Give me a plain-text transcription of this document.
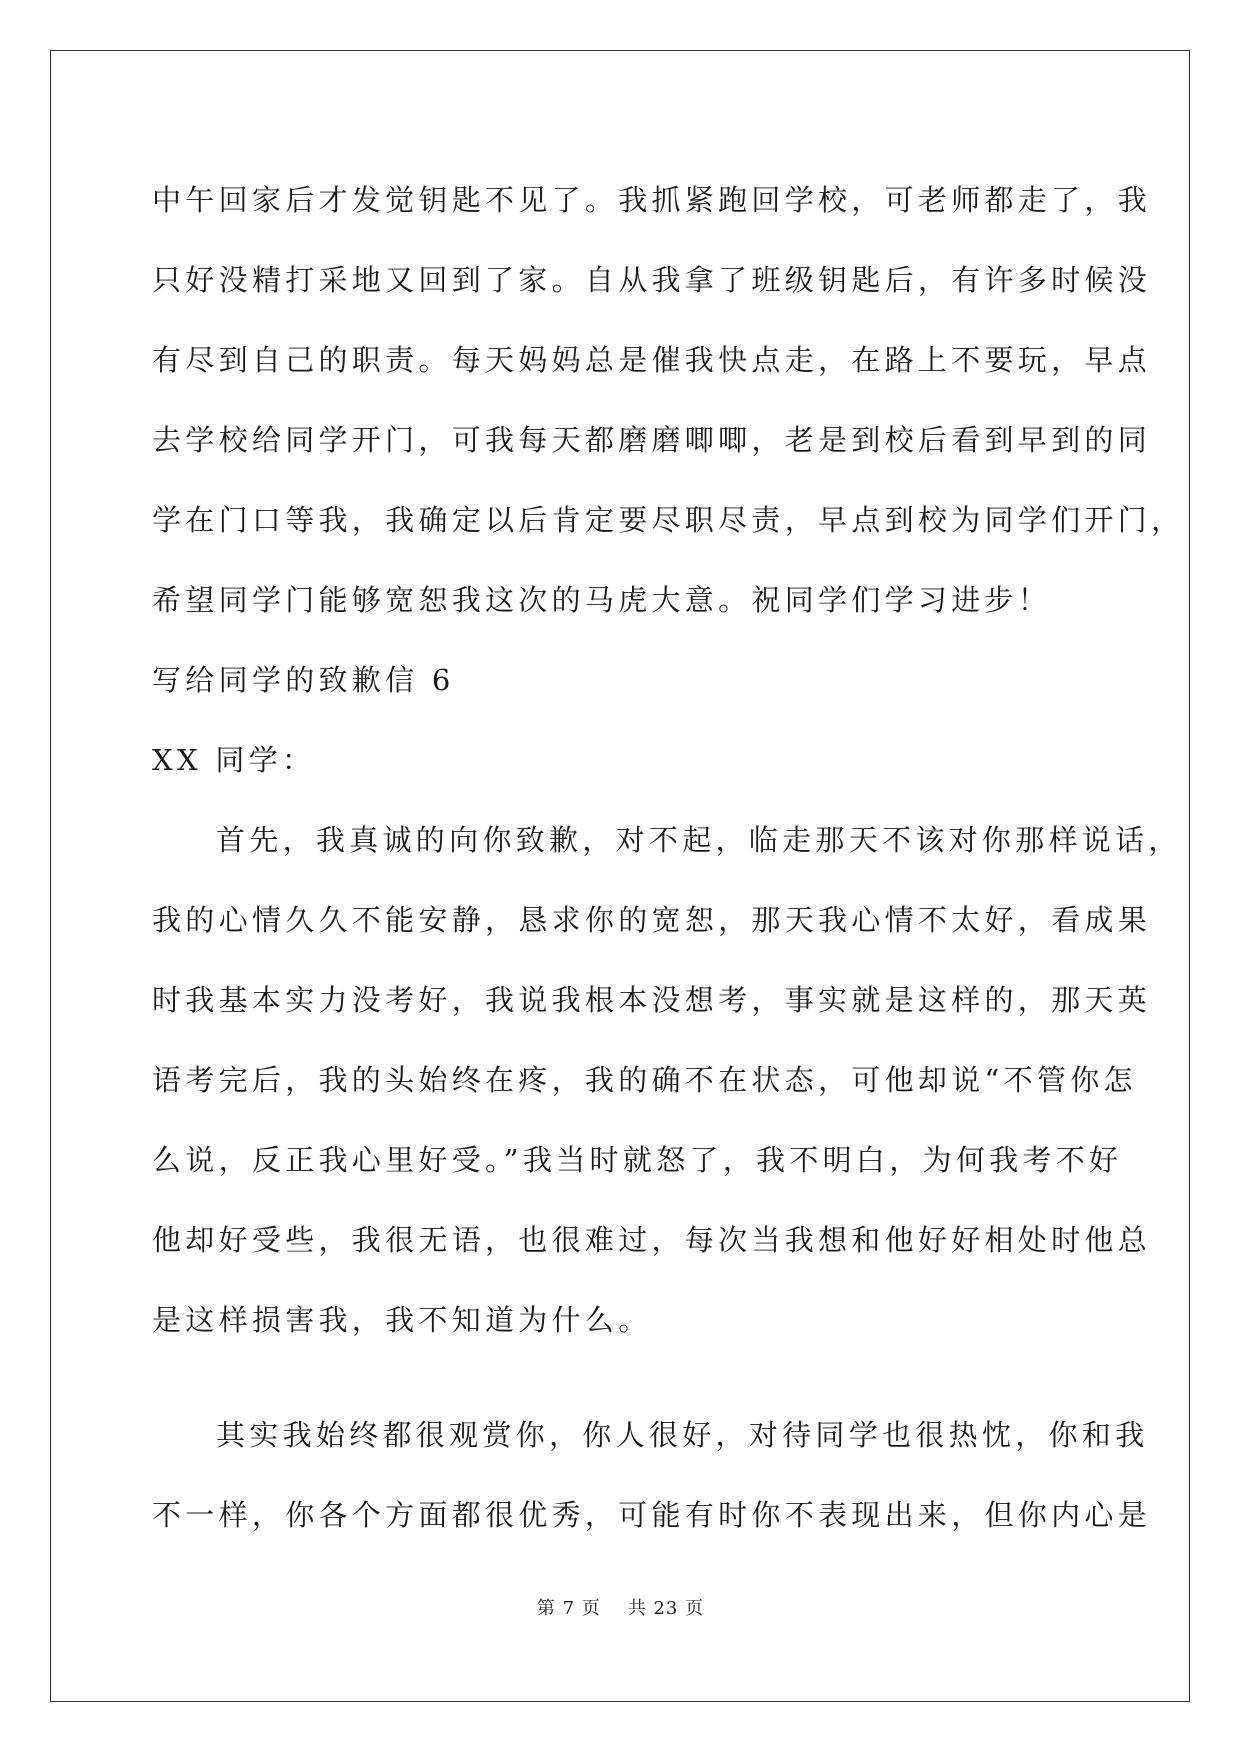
中午回家后才发觉钥匙不见了。我抓紧跑回学校，可老师都走了，我
只好没精打采地又回到了家。自从我拿了班级钥匙后，有许多时候没
有尽到自己的职责。每天妈妈总是催我快点走，在路上不要玩，早点
去学校给同学开门，可我每天都磨磨唧唧，老是到校后看到早到的同
学在门口等我，我确定以后肯定要尽职尽责，早点到校为同学们开门，
希望同学门能够宽恕我这次的马虎大意。祝同学们学习进步！
写给同学的致歉信 6
XX 同学：
首先，我真诚的向你致歉，对不起，临走那天不该对你那样说话，
我的心情久久不能安静，恳求你的宽恕，那天我心情不太好，看成果
时我基本实力没考好，我说我根本没想考，事实就是这样的，那天英
语考完后，我的头始终在疼，我的确不在状态，可他却说“不管你怎
么说，反正我心里好受。”我当时就怒了，我不明白，为何我考不好
他却好受些，我很无语，也很难过，每次当我想和他好好相处时他总
是这样损害我，我不知道为什么。
其实我始终都很观赏你，你人很好，对待同学也很热忱，你和我
不一样，你各个方面都很优秀，可能有时你不表现出来，但你内心是
第 7 页 共 23 页
